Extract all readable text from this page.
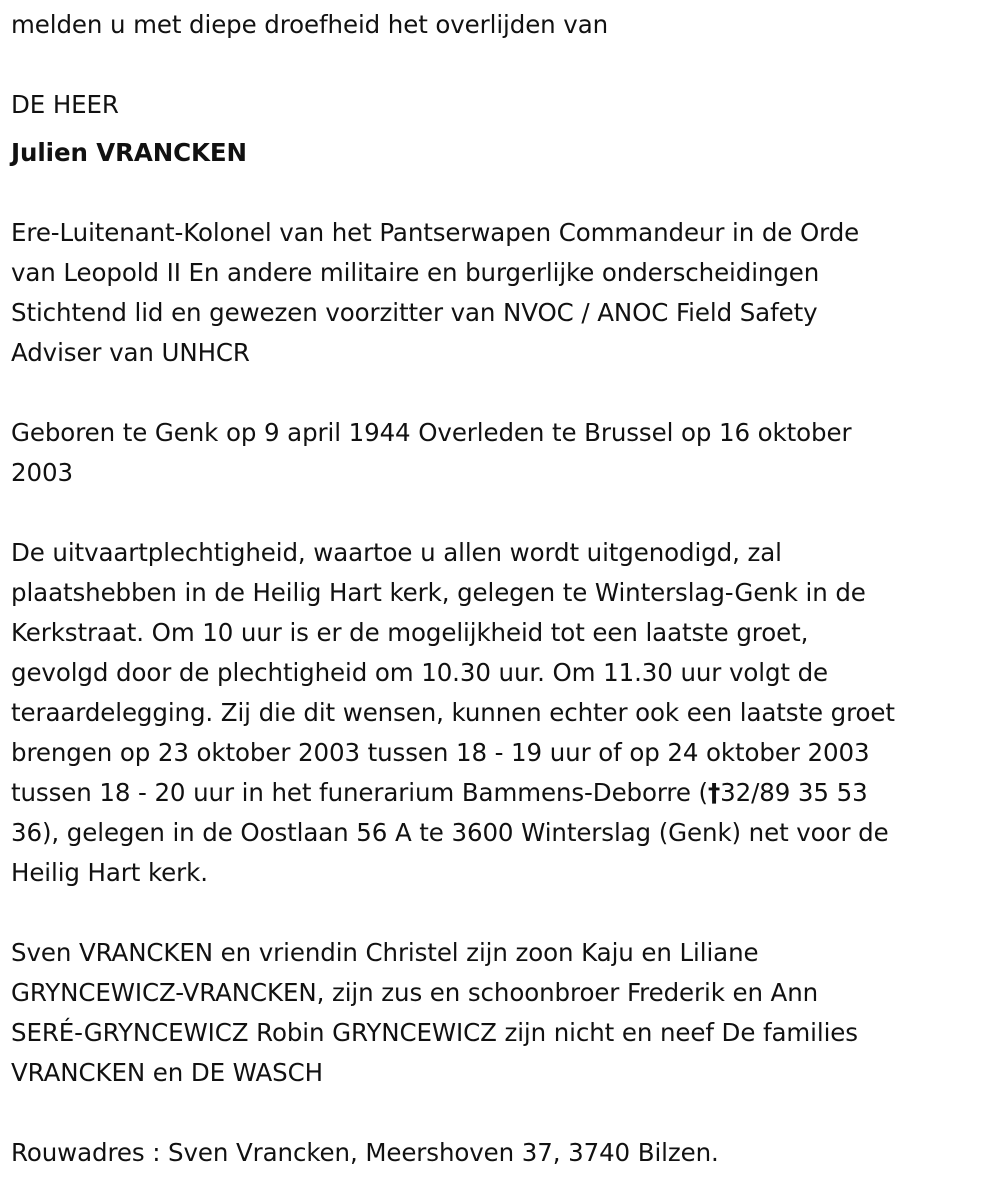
melden u met diepe droefheid het overlijden van
DE HEER
Julien VRANCKEN
Ere-Luitenant-Kolonel van het Pantserwapen Commandeur in de Orde
van Leopold II En andere militaire en burgerlijke onderscheidingen
Stichtend lid en gewezen voorzitter van NVOC / ANOC Field Safety
Adviser van UNHCR
Geboren te Genk op 9 april 1944 Overleden te Brussel op 16 oktober
2003
De uitvaartplechtigheid, waartoe u allen wordt uitgenodigd, zal
plaatshebben in de Heilig Hart kerk, gelegen te Winterslag-Genk in de
Kerkstraat. Om 10 uur is er de mogelijkheid tot een laatste groet,
gevolgd door de plechtigheid om 10.30 uur. Om 11.30 uur volgt de
teraardelegging. Zij die dit wensen, kunnen echter ook een laatste groet
brengen op 23 oktober 2003 tussen 18 - 19 uur of op 24 oktober 2003
tussen 18 - 20 uur in het funerarium Bammens-Deborre (†32/89 35 53
36), gelegen in de Oostlaan 56 A te 3600 Winterslag (Genk) net voor de
Heilig Hart kerk.
Sven VRANCKEN en vriendin Christel zijn zoon Kaju en Liliane
GRYNCEWICZ-VRANCKEN, zijn zus en schoonbroer Frederik en Ann
SERÉ-GRYNCEWICZ Robin GRYNCEWICZ zijn nicht en neef De families
VRANCKEN en DE WASCH
Rouwadres : Sven Vrancken, Meershoven 37, 3740 Bilzen.
